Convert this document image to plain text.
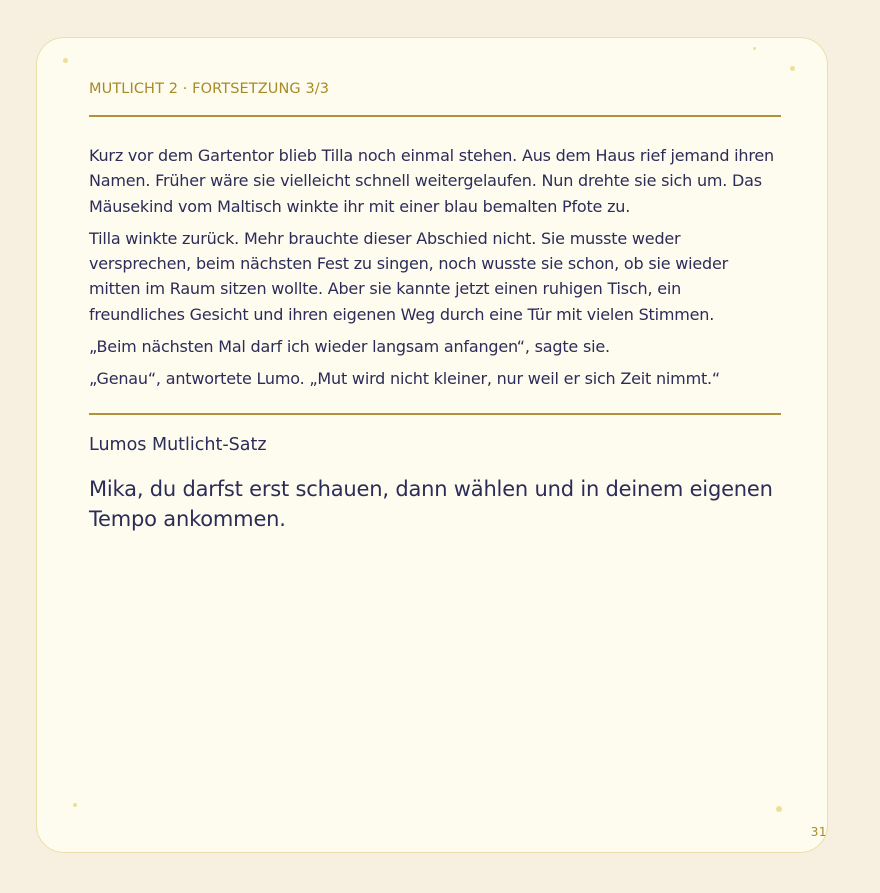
MUTLICHT 2 · FORTSETZUNG 3/3

Kurz vor dem Gartentor blieb Tilla noch einmal stehen. Aus dem Haus rief jemand ihren Namen. Früher wäre sie vielleicht schnell weitergelaufen. Nun drehte sie sich um. Das Mäusekind vom Maltisch winkte ihr mit einer blau bemalten Pfote zu.

Tilla winkte zurück. Mehr brauchte dieser Abschied nicht. Sie musste weder versprechen, beim nächsten Fest zu singen, noch wusste sie schon, ob sie wieder mitten im Raum sitzen wollte. Aber sie kannte jetzt einen ruhigen Tisch, ein freundliches Gesicht und ihren eigenen Weg durch eine Tür mit vielen Stimmen.

„Beim nächsten Mal darf ich wieder langsam anfangen“, sagte sie.

„Genau“, antwortete Lumo. „Mut wird nicht kleiner, nur weil er sich Zeit nimmt.“

Lumos Mutlicht-Satz
Mika, du darfst erst schauen, dann wählen und in deinem eigenen Tempo ankommen.
31
